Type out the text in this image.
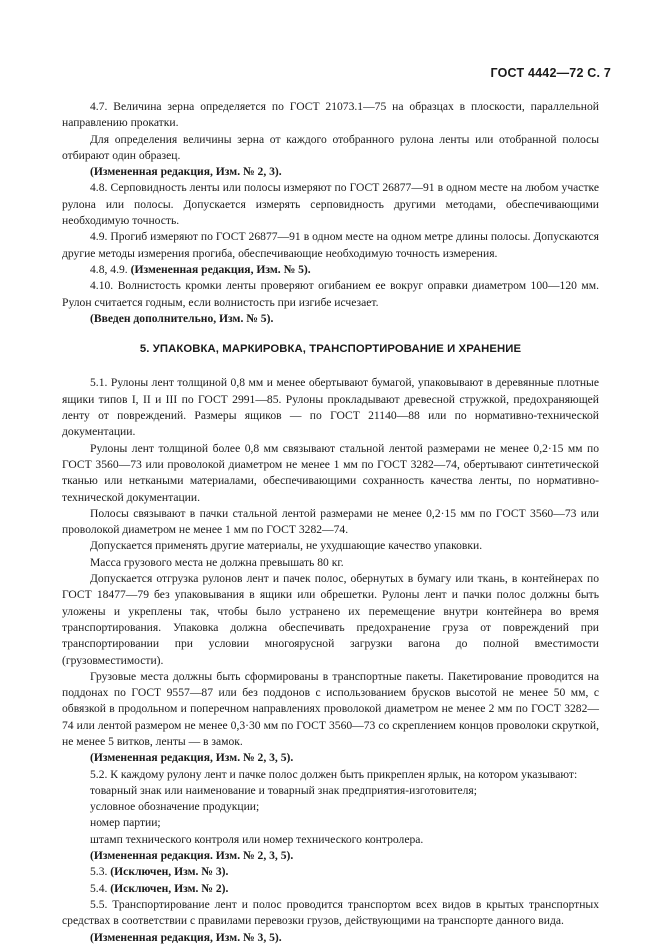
ГОСТ 4442—72 С. 7

4.7. Величина зерна определяется по ГОСТ 21073.1—75 на образцах в плоскости, параллельной направлению прокатки.

Для определения величины зерна от каждого отобранного рулона ленты или отобранной полосы отбирают один образец.

(Измененная редакция, Изм. № 2, 3).

4.8. Серповидность ленты или полосы измеряют по ГОСТ 26877—91 в одном месте на любом участке рулона или полосы. Допускается измерять серповидность другими методами, обеспечивающими необходимую точность.

4.9. Прогиб измеряют по ГОСТ 26877—91 в одном месте на одном метре длины полосы. Допускаются другие методы измерения прогиба, обеспечивающие необходимую точность измерения.

4.8, 4.9. (Измененная редакция, Изм. № 5).

4.10. Волнистость кромки ленты проверяют огибанием ее вокруг оправки диаметром 100—120 мм. Рулон считается годным, если волнистость при изгибе исчезает.

(Введен дополнительно, Изм. № 5).

5. УПАКОВКА, МАРКИРОВКА, ТРАНСПОРТИРОВАНИЕ И ХРАНЕНИЕ

5.1. Рулоны лент толщиной 0,8 мм и менее обертывают бумагой, упаковывают в деревянные плотные ящики типов I, II и III по ГОСТ 2991—85. Рулоны прокладывают древесной стружкой, предохраняющей ленту от повреждений. Размеры ящиков — по ГОСТ 21140—88 или по нормативно-технической документации.

Рулоны лент толщиной более 0,8 мм связывают стальной лентой размерами не менее 0,2·15 мм по ГОСТ 3560—73 или проволокой диаметром не менее 1 мм по ГОСТ 3282—74, обертывают синтетической тканью или неткаными материалами, обеспечивающими сохранность качества ленты, по нормативно-технической документации.

Полосы связывают в пачки стальной лентой размерами не менее 0,2·15 мм по ГОСТ 3560—73 или проволокой диаметром не менее 1 мм по ГОСТ 3282—74.

Допускается применять другие материалы, не ухудшающие качество упаковки.

Масса грузового места не должна превышать 80 кг.

Допускается отгрузка рулонов лент и пачек полос, обернутых в бумагу или ткань, в контейнерах по ГОСТ 18477—79 без упаковывания в ящики или обрешетки. Рулоны лент и пачки полос должны быть уложены и укреплены так, чтобы было устранено их перемещение внутри контейнера во время транспортирования. Упаковка должна обеспечивать предохранение груза от повреждений при транспортировании при условии многоярусной загрузки вагона до полной вместимости (грузовместимости).

Грузовые места должны быть сформированы в транспортные пакеты. Пакетирование проводится на поддонах по ГОСТ 9557—87 или без поддонов с использованием брусков высотой не менее 50 мм, с обвязкой в продольном и поперечном направлениях проволокой диаметром не менее 2 мм по ГОСТ 3282—74 или лентой размером не менее 0,3·30 мм по ГОСТ 3560—73 со скреплением концов проволоки скруткой, не менее 5 витков, ленты — в замок.

(Измененная редакция, Изм. № 2, 3, 5).

5.2. К каждому рулону лент и пачке полос должен быть прикреплен ярлык, на котором указывают:

товарный знак или наименование и товарный знак предприятия-изготовителя;

условное обозначение продукции;

номер партии;

штамп технического контроля или номер технического контролера.

(Измененная редакция. Изм. № 2, 3, 5).

5.3. (Исключен, Изм. № 3).

5.4. (Исключен, Изм. № 2).

5.5. Транспортирование лент и полос проводится транспортом всех видов в крытых транспортных средствах в соответствии с правилами перевозки грузов, действующими на транспорте данного вида.

(Измененная редакция, Изм. № 3, 5).
